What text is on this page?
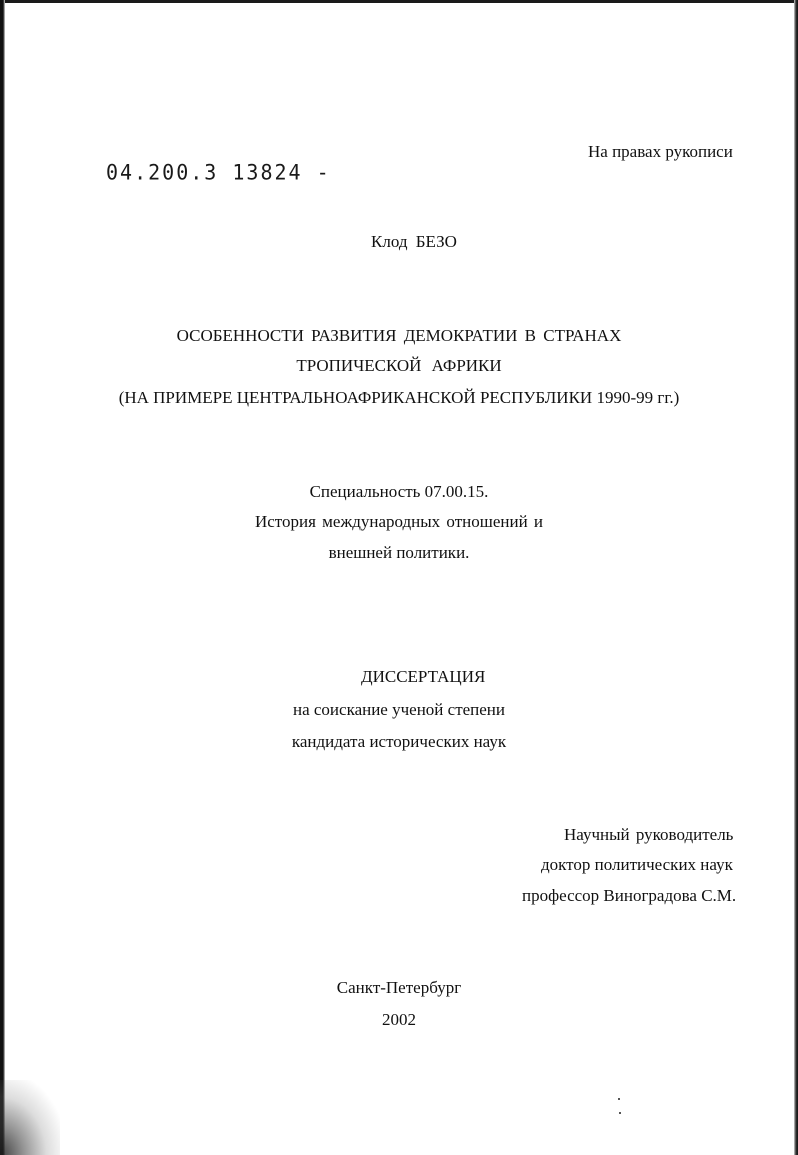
На правах рукописи
04.200.3 13824 -
Клод БЕЗО
ОСОБЕННОСТИ РАЗВИТИЯ ДЕМОКРАТИИ В СТРАНАХ
ТРОПИЧЕСКОЙ АФРИКИ
(НА ПРИМЕРЕ ЦЕНТРАЛЬНОАФРИКАНСКОЙ РЕСПУБЛИКИ 1990-99 гг.)
Специальность 07.00.15.
История международных отношений и
внешней политики.
ДИССЕРТАЦИЯ
на соискание ученой степени
кандидата исторических наук
Научный руководитель
доктор политических наук
профессор Виноградова С.М.
Санкт-Петербург
2002
